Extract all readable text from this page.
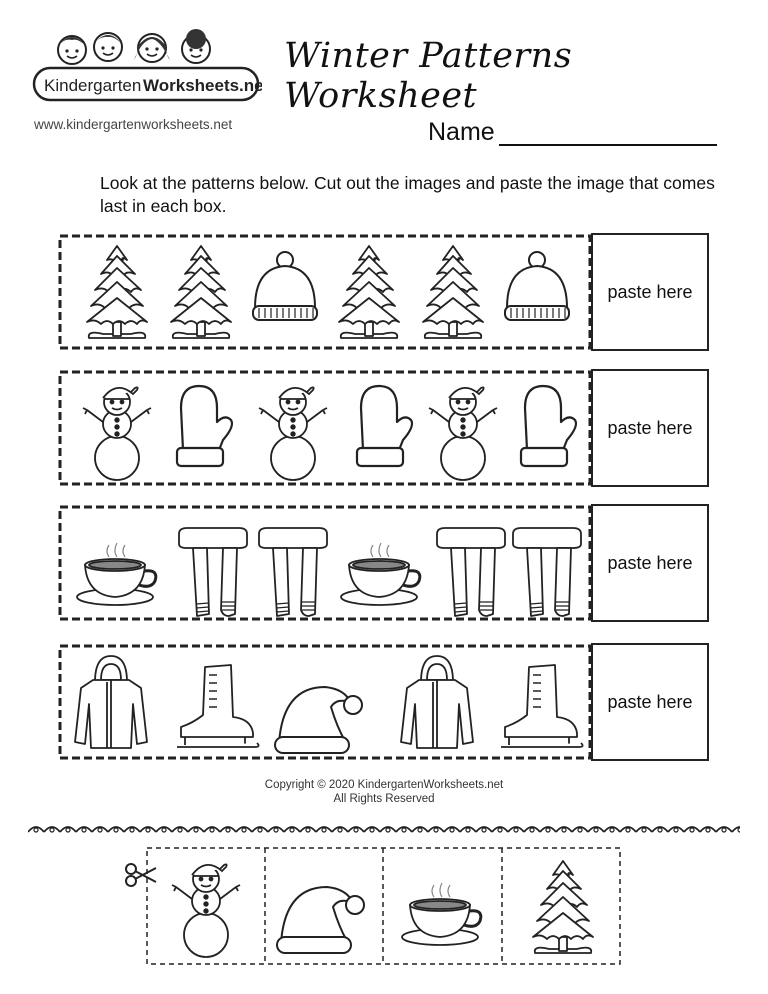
Kindergarten Worksheets.net
www.kindergartenworksheets.net
Winter Patterns Worksheet
Name
Look at the patterns below. Cut out the images and paste the image that comes last in each box.
paste here
paste here
paste here
paste here
Copyright © 2020 KindergartenWorksheets.net
All Rights Reserved
